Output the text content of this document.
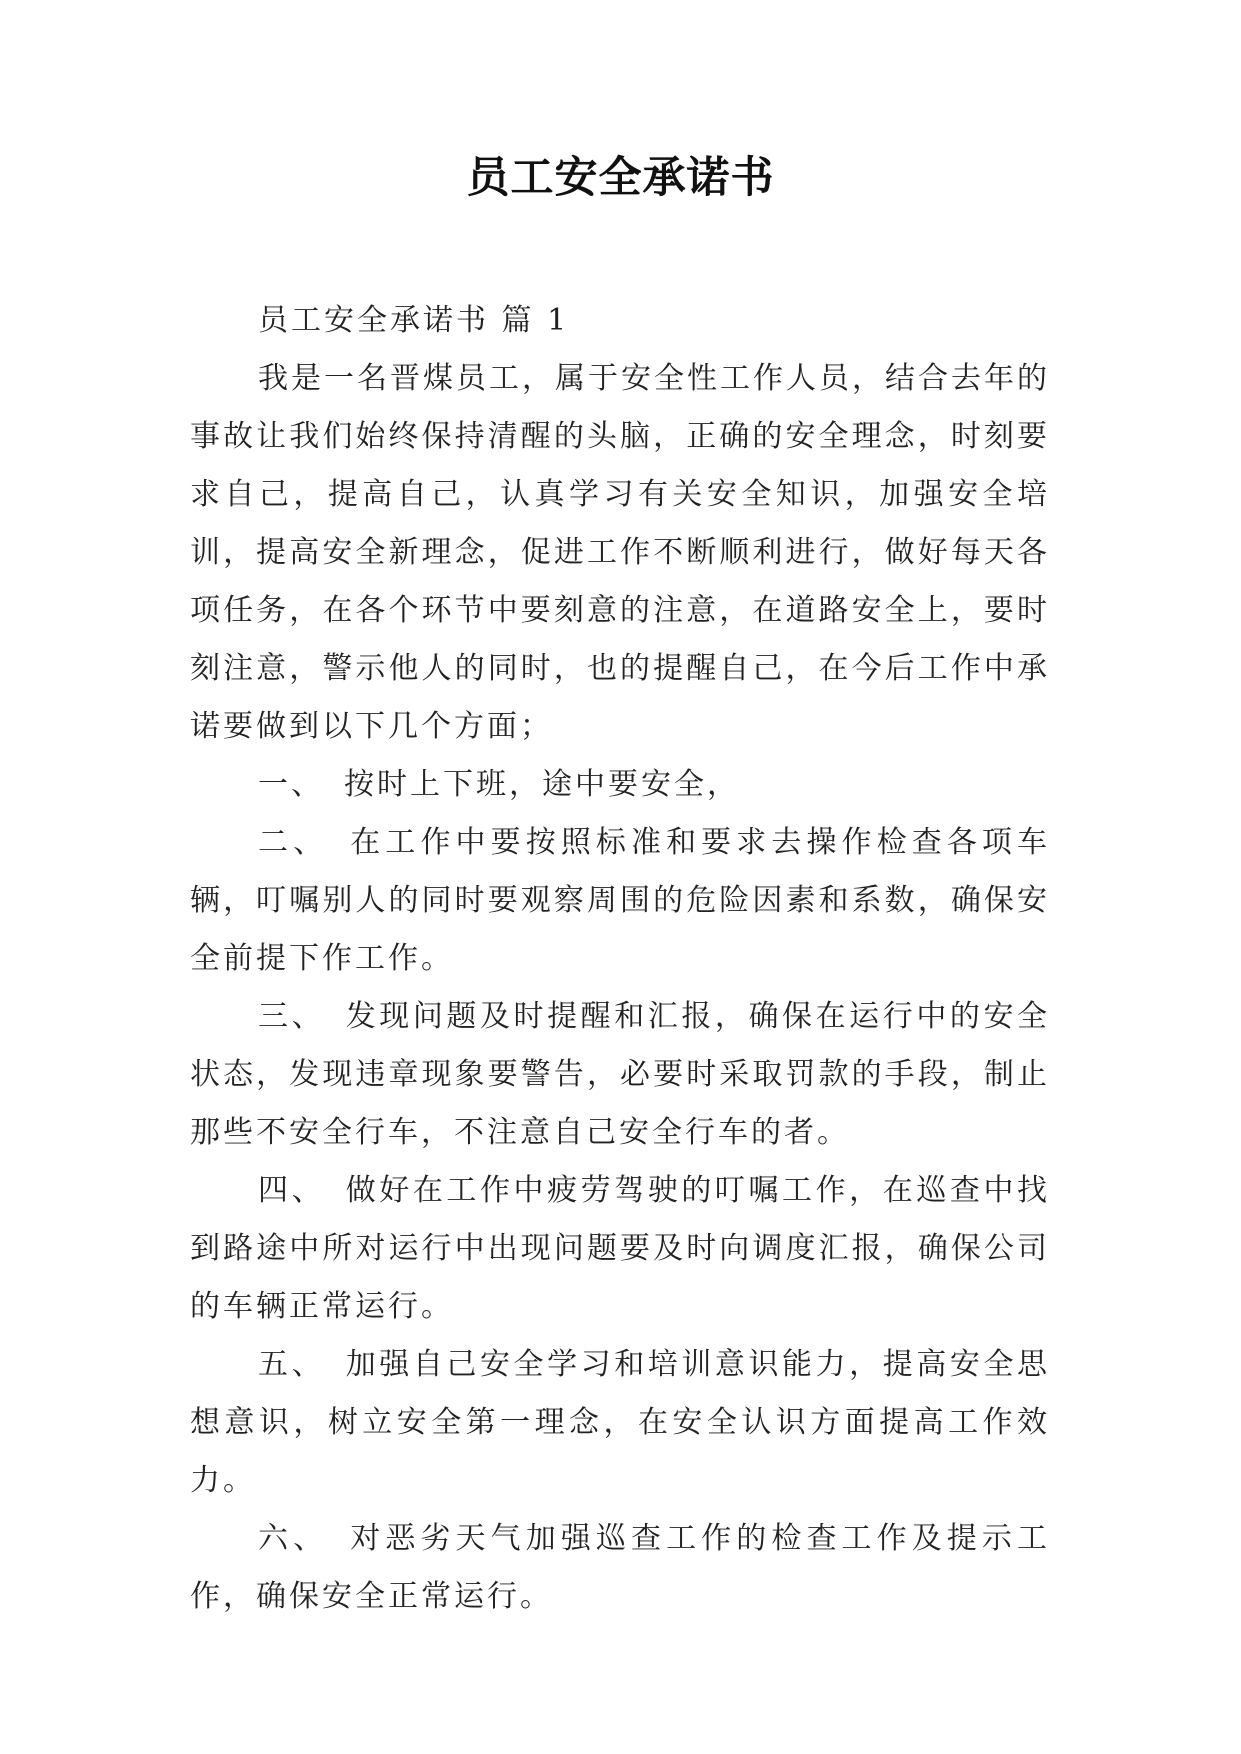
员工安全承诺书

员工安全承诺书 篇 1

我是一名晋煤员工，属于安全性工作人员，结合去年的事故让我们始终保持清醒的头脑，正确的安全理念，时刻要求自己，提高自己，认真学习有关安全知识，加强安全培训，提高安全新理念，促进工作不断顺利进行，做好每天各项任务，在各个环节中要刻意的注意，在道路安全上，要时刻注意，警示他人的同时，也的提醒自己，在今后工作中承诺要做到以下几个方面；

一、 按时上下班，途中要安全，

二、 在工作中要按照标准和要求去操作检查各项车辆，叮嘱别人的同时要观察周围的危险因素和系数，确保安全前提下作工作。

三、 发现问题及时提醒和汇报，确保在运行中的安全状态，发现违章现象要警告，必要时采取罚款的手段，制止那些不安全行车，不注意自己安全行车的者。

四、 做好在工作中疲劳驾驶的叮嘱工作，在巡查中找到路途中所对运行中出现问题要及时向调度汇报，确保公司的车辆正常运行。

五、 加强自己安全学习和培训意识能力，提高安全思想意识，树立安全第一理念，在安全认识方面提高工作效力。

六、 对恶劣天气加强巡查工作的检查工作及提示工作，确保安全正常运行。
